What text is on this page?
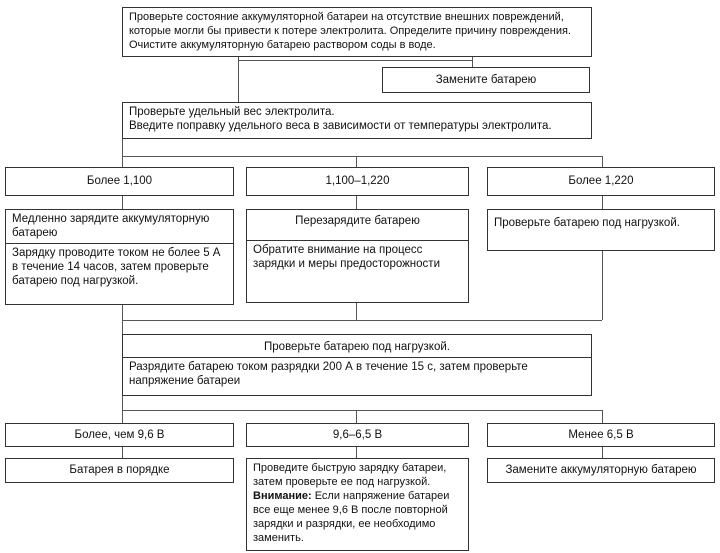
Проверьте состояние аккумуляторной батареи на отсутствие внешних повреждений, которые могли бы привести к потере электролита. Определите причину повреждения. Очистите аккумуляторную батарею раствором соды в воде.
Замените батарею
Проверьте удельный вес электролита.
Введите поправку удельного веса в зависимости от температуры электролита.
Более 1,100	1,100–1,220	Более 1,220
Медленно зарядите аккумуляторную батарею
Зарядку проводите током не более 5 А в течение 14 часов, затем проверьте батарею под нагрузкой.
Перезарядите батарею
Обратите внимание на процесс зарядки и меры предосторожности
Проверьте батарею под нагрузкой.
Проверьте батарею под нагрузкой.
Разрядите батарею током разрядки 200 А в течение 15 с, затем проверьте напряжение батареи
Более, чем 9,6 В	9,6–6,5 В	Менее 6,5 В
Батарея в порядке	Проведите быструю зарядку батареи, затем проверьте ее под нагрузкой.
Внимание: Если напряжение батареи все еще менее 9,6 В после повторной зарядки и разрядки, ее необходимо заменить.
Замените аккумуляторную батарею
